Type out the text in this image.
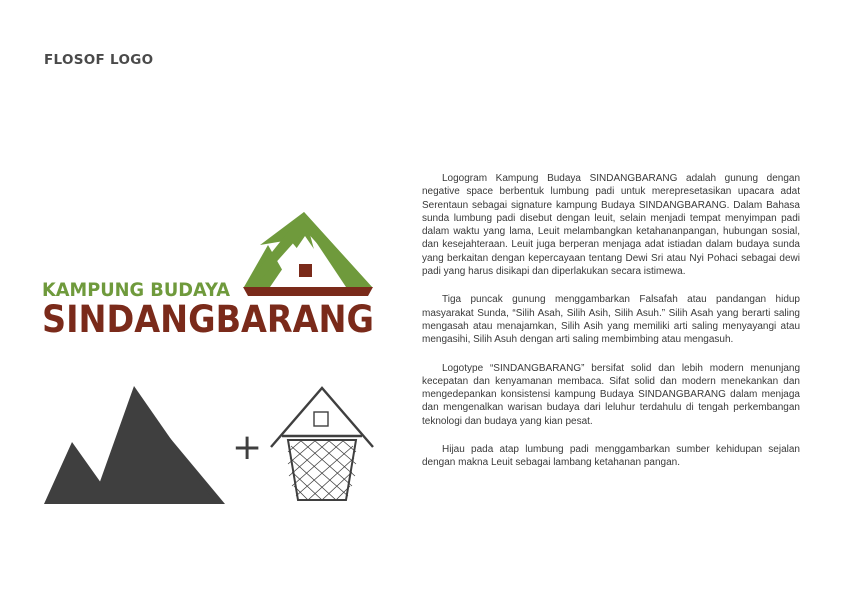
FLOSOF LOGO
KAMPUNG BUDAYA
SINDANGBARANG
+

Logogram Kampung Budaya SINDANGBARANG adalah gunung dengan negative space berbentuk lumbung padi untuk merepresetasikan upacara adat Serentaun sebagai signature kampung Budaya SINDANGBARANG. Dalam Bahasa sunda lumbung padi disebut dengan leuit, selain menjadi tempat menyimpan padi dalam waktu yang lama, Leuit melambangkan ketahananpangan, hubungan sosial, dan kesejahteraan. Leuit juga berperan menjaga adat istiadan dalam budaya sunda yang berkaitan dengan kepercayaan tentang Dewi Sri atau Nyi Pohaci sebagai dewi padi yang harus disikapi dan diperlakukan secara istimewa.

Tiga puncak gunung menggambarkan Falsafah atau pandangan hidup masyarakat Sunda, “Silih Asah, Silih Asih, Silih Asuh.” Silih Asah yang berarti saling mengasah atau menajamkan, Silih Asih yang memiliki arti saling menyayangi atau mengasihi, Silih Asuh dengan arti saling membimbing atau mengasuh.

Logotype “SINDANGBARANG” bersifat solid dan lebih modern menunjang kecepatan dan kenyamanan membaca. Sifat solid dan modern menekankan dan mengedepankan konsistensi kampung Budaya SINDANGBARANG dalam menjaga dan mengenalkan warisan budaya dari leluhur terdahulu di tengah perkembangan teknologi dan budaya yang kian pesat.

Hijau pada atap lumbung padi menggambarkan sumber kehidupan sejalan dengan makna Leuit sebagai lambang ketahanan pangan.
